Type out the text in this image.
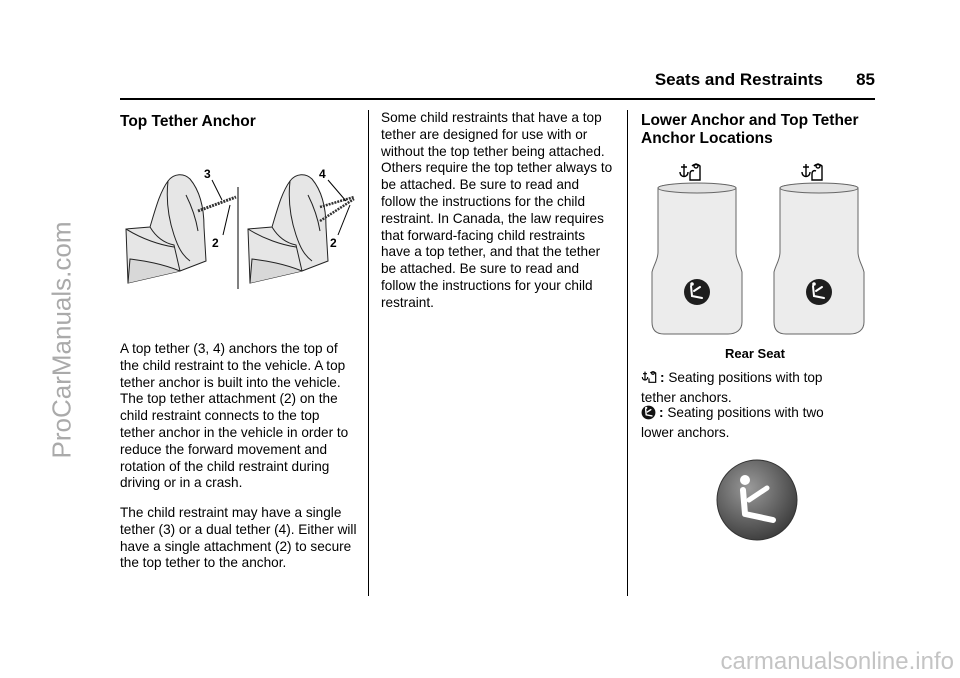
ProCarManuals.com
Seats and Restraints 85
Top Tether Anchor
3
2
4
2

A top tether (3, 4) anchors the top of the child restraint to the vehicle. A top tether anchor is built into the vehicle. The top tether attachment (2) on the child restraint connects to the top tether anchor in the vehicle in order to reduce the forward movement and rotation of the child restraint during driving or in a crash.

The child restraint may have a single tether (3) or a dual tether (4). Either will have a single attachment (2) to secure the top tether to the anchor.

Some child restraints that have a top tether are designed for use with or without the top tether being attached. Others require the top tether always to be attached. Be sure to read and follow the instructions for the child restraint. In Canada, the law requires that forward-facing child restraints have a top tether, and that the tether be attached. Be sure to read and follow the instructions for your child restraint.

Lower Anchor and Top Tether
Anchor Locations
Rear Seat
: Seating positions with top tether anchors.
: Seating positions with two lower anchors.
carmanualsonline.info
